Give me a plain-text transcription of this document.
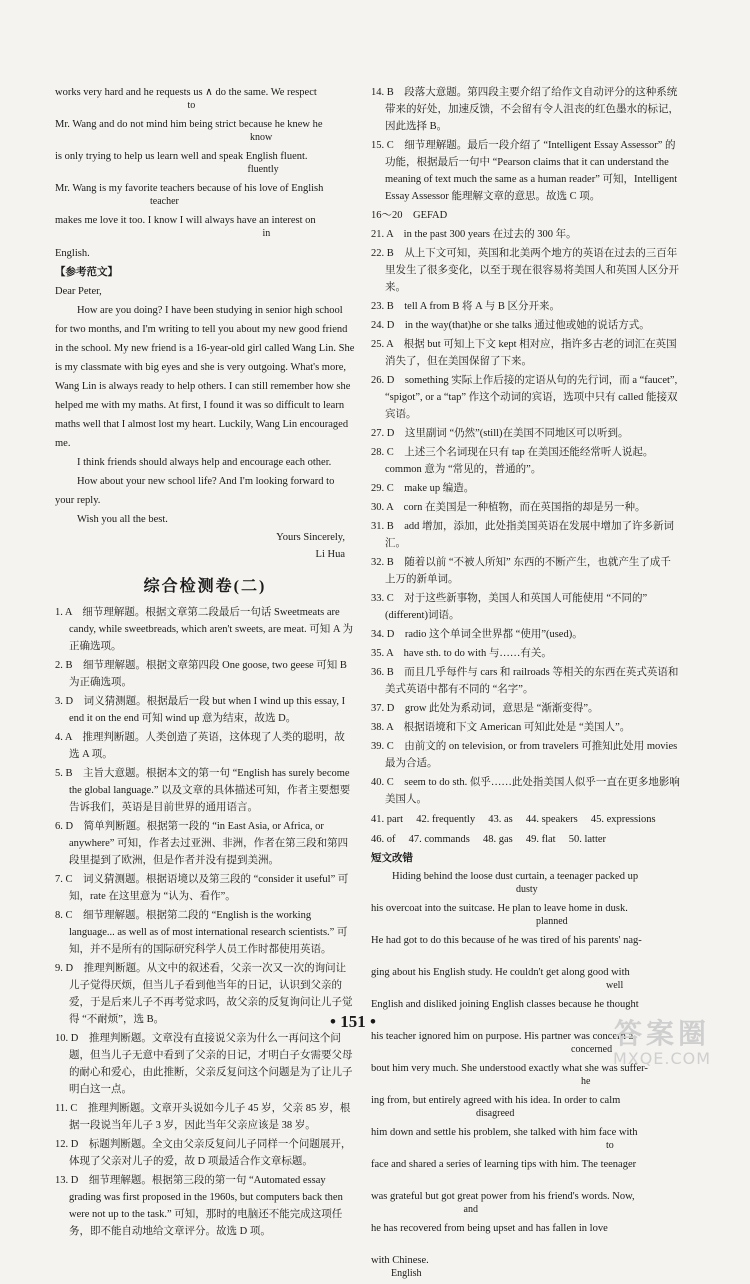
works very hard and he requests us ∧ do the same. We respect
to
Mr. Wang and do not mind him being strict because he knew he
know
is only trying to help us learn well and speak English fluent.
fluently
Mr. Wang is my favorite teachers because of his love of English
teacher
makes me love it too. I know I will always have an interest on
in
English.
【参考范文】
Dear Peter,
How are you doing? I have been studying in senior high school for two months, and I'm writing to tell you about my new good friend in the school. My new friend is a 16-year-old girl called Wang Lin. She is my classmate with big eyes and she is very outgoing. What's more, Wang Lin is always ready to help others. I can still remember how she helped me with my maths. At first, I found it was so difficult to learn maths well that I almost lost my heart. Luckily, Wang Lin encouraged me.
I think friends should always help and encourage each other.
How about your new school life? And I'm looking forward to your reply.
Wish you all the best.
Yours Sincerely,
Li Hua
综合检测卷(二)

1. A　细节理解题。根据文章第二段最后一句话 Sweetmeats are candy, while sweetbreads, which aren't sweets, are meat. 可知 A 为正确选项。

2. B　细节理解题。根据文章第四段 One goose, two geese 可知 B 为正确选项。

3. D　词义猜测题。根据最后一段 but when I wind up this essay, I end it on the end 可知 wind up 意为结束，故选 D。

4. A　推理判断题。人类创造了英语，这体现了人类的聪明，故选 A 项。

5. B　主旨大意题。根据本文的第一句 “English has surely become the global language.” 以及文章的具体描述可知，作者主要想要告诉我们，英语是目前世界的通用语言。

6. D　简单判断题。根据第一段的 “in East Asia, or Africa, or anywhere” 可知，作者去过亚洲、非洲，作者在第三段和第四段里提到了欧洲，但是作者并没有提到美洲。

7. C　词义猜测题。根据语境以及第三段的 “consider it useful” 可知，rate 在这里意为 “认为、看作”。

8. C　细节理解题。根据第二段的 “English is the working language... as well as of most international research scientists.” 可知，并不是所有的国际研究科学人员工作时都使用英语。

9. D　推理判断题。从文中的叙述看，父亲一次又一次的询问让儿子觉得厌烦，但当儿子看到他当年的日记，认识到父亲的爱，于是后来儿子不再考觉求吗，故父亲的反复询问让儿子觉得 “不耐烦”，选 B。

10. D　推理判断题。文章没有直接说父亲为什么一再问这个问题，但当儿子无意中看到了父亲的日记，才明白子女需要父母的耐心和爱心，由此推断，父亲反复问这个问题是为了让儿子明白这一点。

11. C　推理判断题。文章开头说如今儿子 45 岁，父亲 85 岁，根据一段说当年儿子 3 岁，因此当年父亲应该是 38 岁。

12. D　标题判断题。全文由父亲反复问儿子同样一个问题展开，体现了父亲对儿子的爱，故 D 项最适合作文章标题。

13. D　细节理解题。根据第三段的第一句 “Automated essay grading was first proposed in the 1960s, but computers back then were not up to the task.” 可知，那时的电脑还不能完成这项任务，即不能自动地给文章评分。故选 D 项。

14. B　段落大意题。第四段主要介绍了给作文自动评分的这种系统带来的好处，加速反馈，不会留有令人沮丧的红色墨水的标记，因此选择 B。

15. C　细节理解题。最后一段介绍了 “Intelligent Essay Assessor” 的功能，根据最后一句中 “Pearson claims that it can understand the meaning of text much the same as a human reader” 可知，Intelligent Essay Assessor 能理解文章的意思。故选 C 项。

16～20　GEFAD

21. A　in the past 300 years 在过去的 300 年。

22. B　从上下文可知，英国和北美两个地方的英语在过去的三百年里发生了很多变化，以至于现在很容易将美国人和英国人区分开来。

23. B　tell A from B 将 A 与 B 区分开来。

24. D　in the way(that)he or she talks 通过他或她的说话方式。

25. A　根据 but 可知上下文 kept 相对应，指许多古老的词汇在英国消失了，但在美国保留了下来。

26. D　something 实际上作后接的定语从句的先行词，而 a “faucet”, “spigot”, or a “tap” 作这个动词的宾语，选项中只有 called 能接双宾语。

27. D　这里副词 “仍然”(still)在美国不同地区可以听到。

28. C　上述三个名词现在只有 tap 在美国还能经常听人说起。common 意为 “常见的，普通的”。

29. C　make up 编造。

30. A　corn 在美国是一种植物，而在英国指的却是另一种。

31. B　add 增加，添加，此处指美国英语在发展中增加了许多新词汇。

32. B　随着以前 “不被人所知” 东西的不断产生，也就产生了成千上万的新单词。

33. C　对于这些新事物，美国人和英国人可能使用 “不同的” (different)词语。

34. D　radio 这个单词全世界都 “使用”(used)。

35. A　have sth. to do with 与……有关。

36. B　而且几乎每件与 cars 和 railroads 等相关的东西在英式英语和美式英语中都有不同的 “名字”。

37. D　grow 此处为系动词，意思是 “渐渐变得”。

38. A　根据语境和下文 American 可知此处是 “美国人”。

39. C　由前文的 on television, or from travelers 可推知此处用 movies 最为合适。

40. C　seem to do sth. 似乎……此处指美国人似乎一直在更多地影响美国人。

41. part　 42. frequently　 43. as　 44. speakers　 45. expressions
46. of　 47. commands　 48. gas　 49. flat　 50. latter
短文改错
　　Hiding behind the loose dust curtain, a teenager packed up
dusty
his overcoat into the suitcase. He plan to leave home in dusk.
planned
He had got to do this because of he was tired of his parents' nag-
ging about his English study. He couldn't get along good with
well
English and disliked joining English classes because he thought
his teacher ignored him on purpose. His partner was concern a-
concerned
bout him very much. She understood exactly what she was suffer-
he
ing from, but entirely agreed with his idea. In order to calm
disagreed
him down and settle his problem, she talked with him face with
to
face and shared a series of learning tips with him. The teenager
was grateful but got great power from his friend's words. Now,
and
he has recovered from being upset and has fallen in love
with Chinese.
English
• 151 •	答案圈
MXQE.COM
